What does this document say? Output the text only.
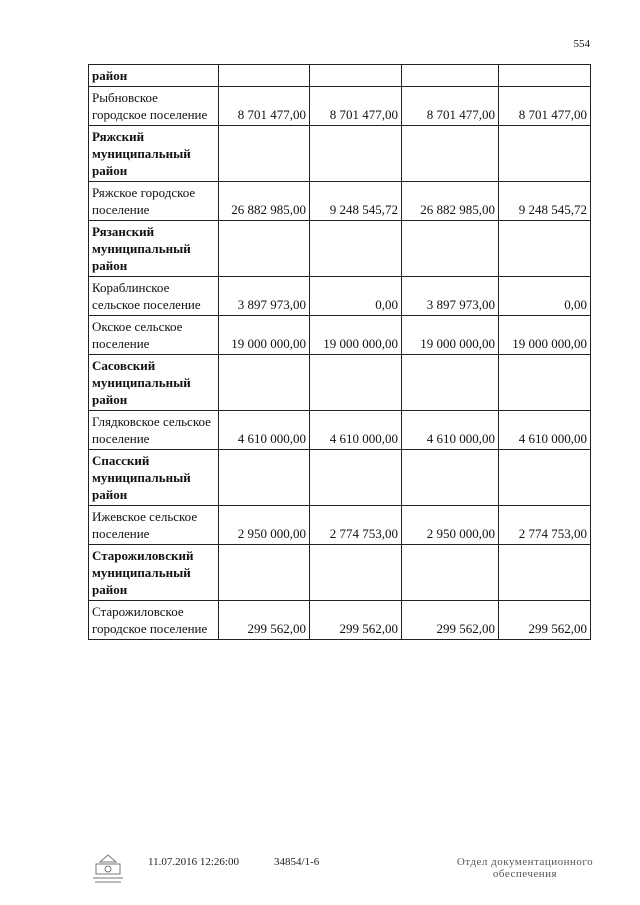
554
район				
Рыбновское городское поселение	8 701 477,00	8 701 477,00	8 701 477,00	8 701 477,00
Ряжский муниципальный район				
Ряжское городское поселение	26 882 985,00	9 248 545,72	26 882 985,00	9 248 545,72
Рязанский муниципальный район				
Кораблинское сельское поселение	3 897 973,00	0,00	3 897 973,00	0,00
Окское сельское поселение	19 000 000,00	19 000 000,00	19 000 000,00	19 000 000,00
Сасовский муниципальный район				
Глядковское сельское поселение	4 610 000,00	4 610 000,00	4 610 000,00	4 610 000,00
Спасский муниципальный район				
Ижевское сельское поселение	2 950 000,00	2 774 753,00	2 950 000,00	2 774 753,00
Старожиловский муниципальный район				
Старожиловское городское поселение	299 562,00	299 562,00	299 562,00	299 562,00
11.07.2016 12:26:00	34854/1-6	Отдел документационного обеспечения
